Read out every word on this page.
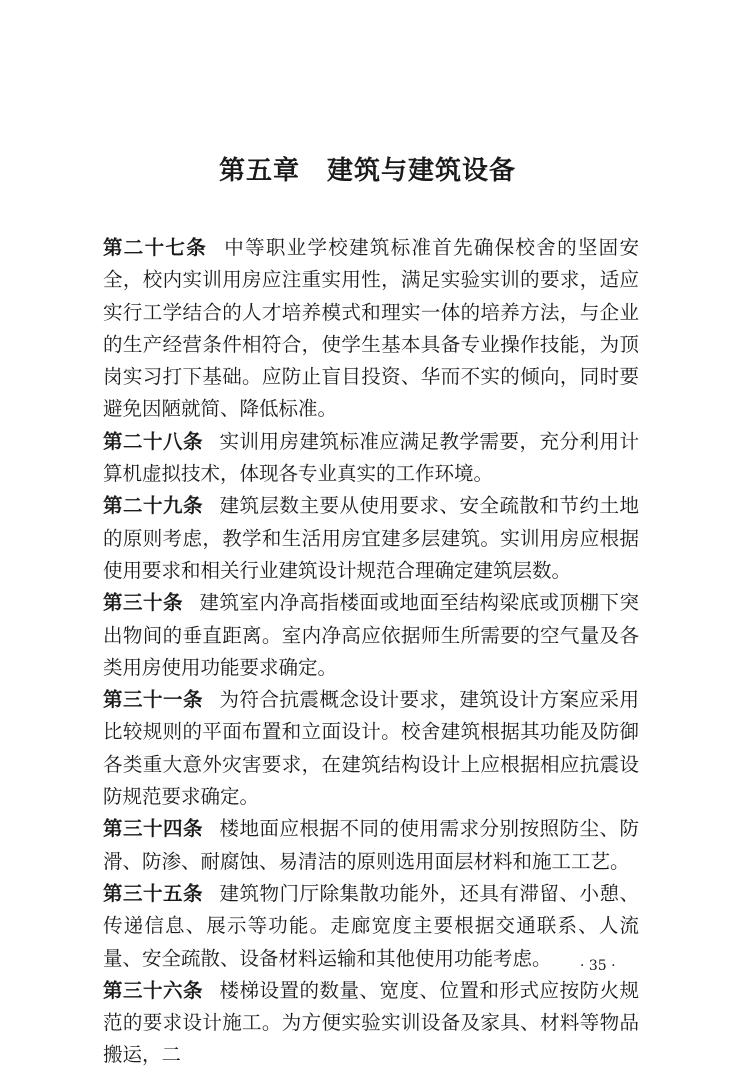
第五章　建筑与建筑设备

第二十七条 中等职业学校建筑标准首先确保校舍的坚固安全，校内实训用房应注重实用性，满足实验实训的要求，适应实行工学结合的人才培养模式和理实一体的培养方法，与企业的生产经营条件相符合，使学生基本具备专业操作技能，为顶岗实习打下基础。应防止盲目投资、华而不实的倾向，同时要避免因陋就简、降低标准。

第二十八条 实训用房建筑标准应满足教学需要，充分利用计算机虚拟技术，体现各专业真实的工作环境。

第二十九条 建筑层数主要从使用要求、安全疏散和节约土地的原则考虑，教学和生活用房宜建多层建筑。实训用房应根据使用要求和相关行业建筑设计规范合理确定建筑层数。

第三十条 建筑室内净高指楼面或地面至结构梁底或顶棚下突出物间的垂直距离。室内净高应依据师生所需要的空气量及各类用房使用功能要求确定。

第三十一条 为符合抗震概念设计要求，建筑设计方案应采用比较规则的平面布置和立面设计。校舍建筑根据其功能及防御各类重大意外灾害要求，在建筑结构设计上应根据相应抗震设防规范要求确定。

第三十四条 楼地面应根据不同的使用需求分别按照防尘、防滑、防渗、耐腐蚀、易清洁的原则选用面层材料和施工工艺。

第三十五条 建筑物门厅除集散功能外，还具有滞留、小憩、传递信息、展示等功能。走廊宽度主要根据交通联系、人流量、安全疏散、设备材料运输和其他使用功能考虑。

第三十六条 楼梯设置的数量、宽度、位置和形式应按防火规范的要求设计施工。为方便实验实训设备及家具、材料等物品搬运，二

· 35 ·
